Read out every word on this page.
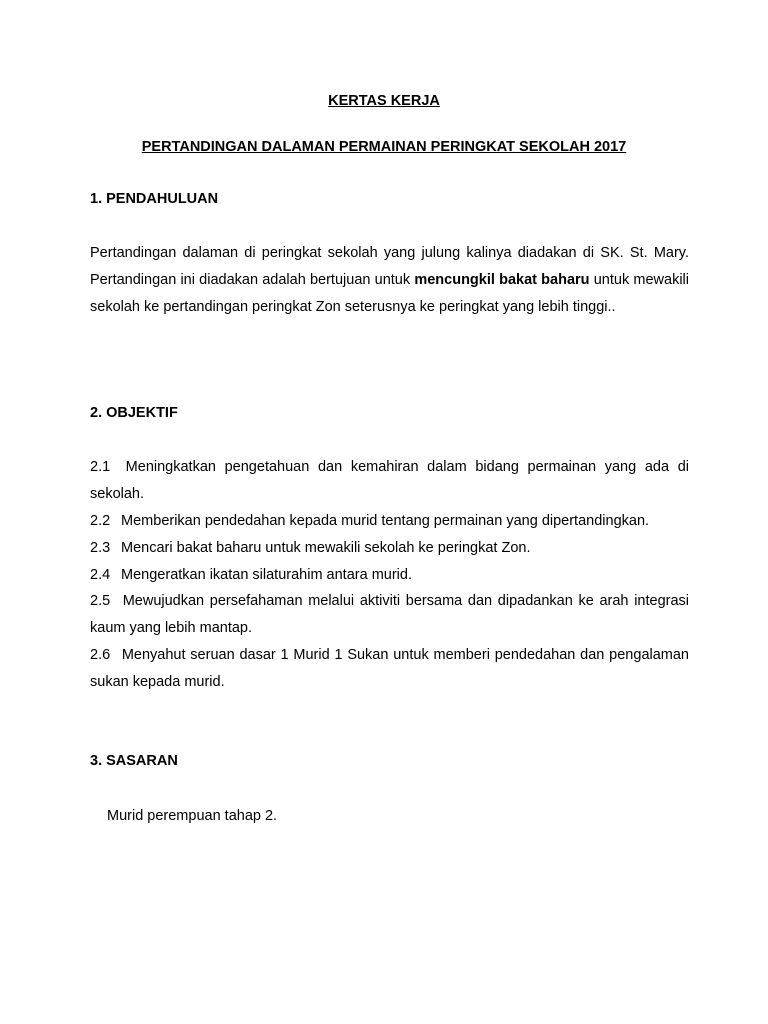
KERTAS KERJA
PERTANDINGAN DALAMAN PERMAINAN PERINGKAT SEKOLAH 2017
1. PENDAHULUAN

Pertandingan dalaman di peringkat sekolah yang julung kalinya diadakan di SK. St. Mary. Pertandingan ini diadakan adalah bertujuan untuk mencungkil bakat baharu untuk mewakili sekolah ke pertandingan peringkat Zon seterusnya ke peringkat yang lebih tinggi..

2. OBJEKTIF

2.1 Meningkatkan pengetahuan dan kemahiran dalam bidang permainan yang ada di sekolah.

2.2 Memberikan pendedahan kepada murid tentang permainan yang dipertandingkan.

2.3 Mencari bakat baharu untuk mewakili sekolah ke peringkat Zon.

2.4 Mengeratkan ikatan silaturahim antara murid.

2.5 Mewujudkan persefahaman melalui aktiviti bersama dan dipadankan ke arah integrasi kaum yang lebih mantap.

2.6 Menyahut seruan dasar 1 Murid 1 Sukan untuk memberi pendedahan dan pengalaman sukan kepada murid.

3. SASARAN
Murid perempuan tahap 2.
